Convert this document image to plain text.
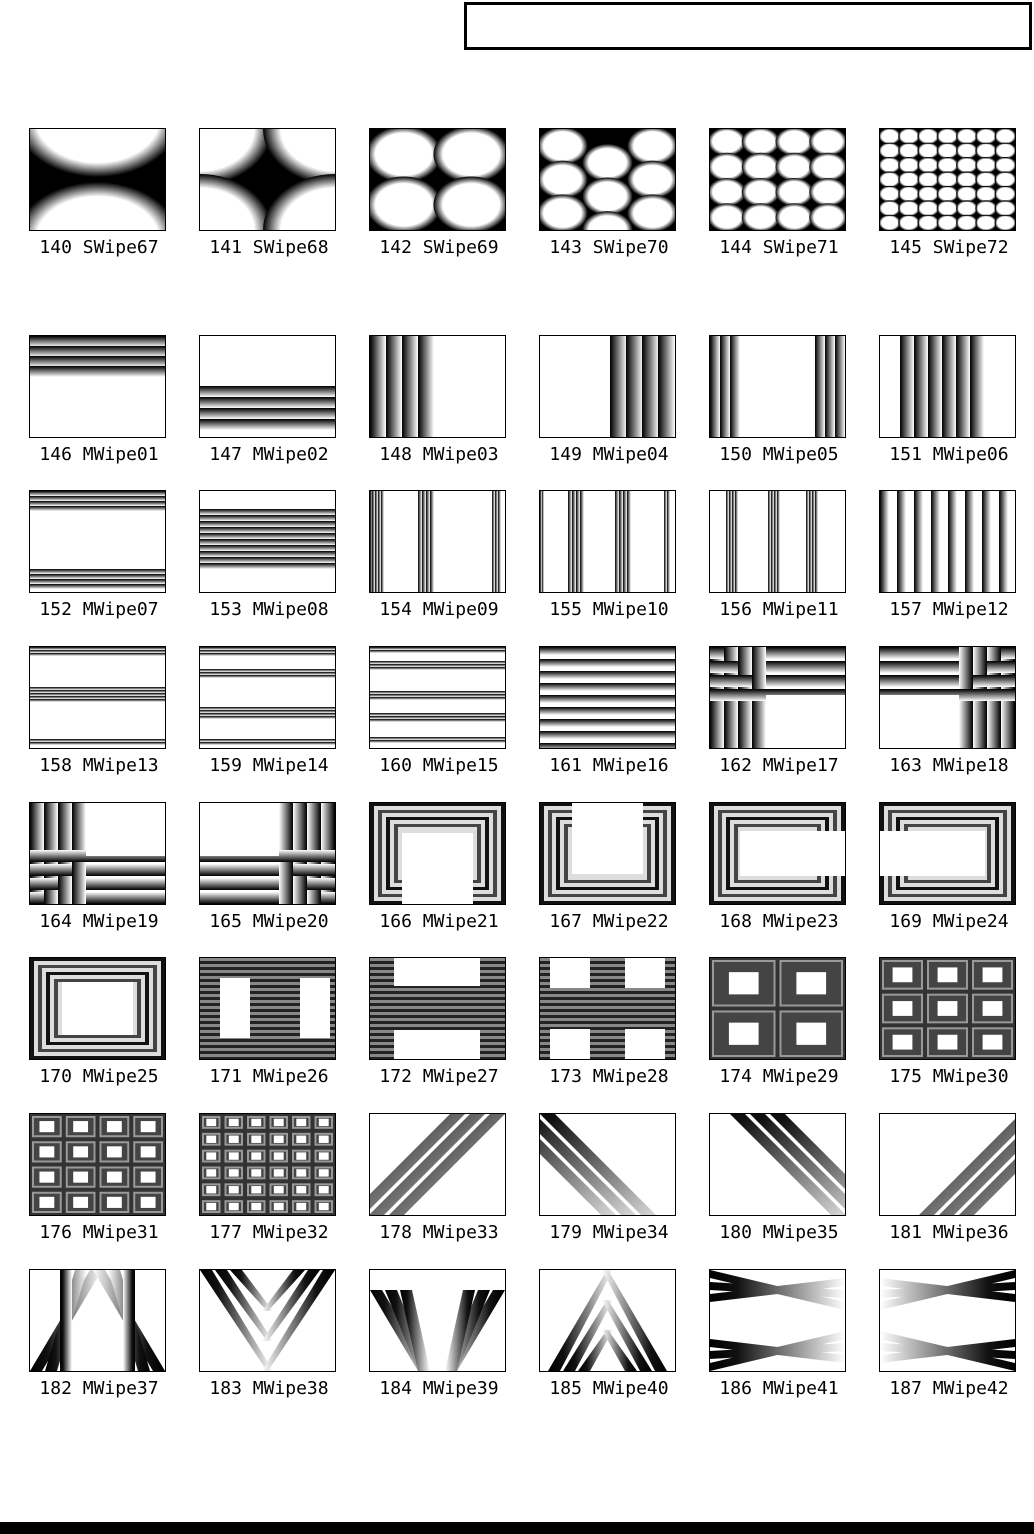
140 SWipe67	141 SWipe68	142 SWipe69	143 SWipe70	144 SWipe71	145 SWipe72
146 MWipe01	147 MWipe02	148 MWipe03	149 MWipe04	150 MWipe05	151 MWipe06
152 MWipe07	153 MWipe08	154 MWipe09	155 MWipe10	156 MWipe11	157 MWipe12
158 MWipe13	159 MWipe14	160 MWipe15	161 MWipe16	162 MWipe17	163 MWipe18
164 MWipe19	165 MWipe20	166 MWipe21	167 MWipe22	168 MWipe23	169 MWipe24
170 MWipe25	171 MWipe26	172 MWipe27	173 MWipe28	174 MWipe29	175 MWipe30
176 MWipe31	177 MWipe32	178 MWipe33	179 MWipe34	180 MWipe35	181 MWipe36
182 MWipe37	183 MWipe38	184 MWipe39	185 MWipe40	186 MWipe41	187 MWipe42
